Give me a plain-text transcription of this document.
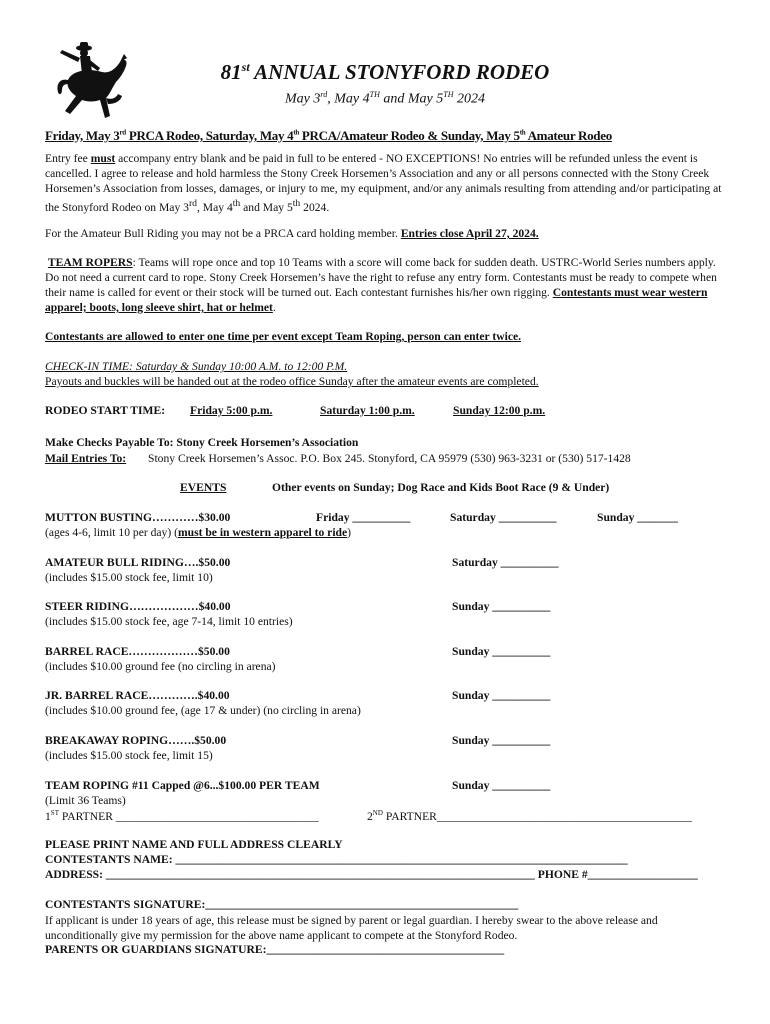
81st ANNUAL STONYFORD RODEO
May 3rd, May 4TH and May 5TH 2024
Friday, May 3rd PRCA Rodeo, Saturday, May 4th PRCA/Amateur Rodeo & Sunday, May 5th Amateur Rodeo
Entry fee must accompany entry blank and be paid in full to be entered - NO EXCEPTIONS! No entries will be refunded unless the event is cancelled. I agree to release and hold harmless the Stony Creek Horsemen’s Association and any or all persons connected with the Stony Creek Horsemen’s Association from losses, damages, or injury to me, my equipment, and/or any animals resulting from attending and/or participating at the Stonyford Rodeo on May 3rd, May 4th and May 5th 2024.
For the Amateur Bull Riding you may not be a PRCA card holding member. Entries close April 27, 2024.
TEAM ROPERS: Teams will rope once and top 10 Teams with a score will come back for sudden death. USTRC-World Series numbers apply. Do not need a current card to rope. Stony Creek Horsemen’s have the right to refuse any entry form. Contestants must be ready to compete when their name is called for event or their stock will be turned out. Each contestant furnishes his/her own rigging. Contestants must wear western apparel; boots, long sleeve shirt, hat or helmet.
Contestants are allowed to enter one time per event except Team Roping, person can enter twice.
CHECK-IN TIME: Saturday & Sunday 10:00 A.M. to 12:00 P.M.
Payouts and buckles will be handed out at the rodeo office Sunday after the amateur events are completed.
RODEO START TIME: Friday 5:00 p.m.	Saturday 1:00 p.m.	Sunday 12:00 p.m.
Make Checks Payable To: Stony Creek Horsemen’s Association
Mail Entries To: Stony Creek Horsemen’s Assoc. P.O. Box 245. Stonyford, CA 95979 (530) 963-3231 or (530) 517-1428
EVENTS	Other events on Sunday; Dog Race and Kids Boot Race (9 & Under)
MUTTON BUSTING…………$30.00	Friday __________	Saturday __________	Sunday _______
(ages 4-6, limit 10 per day) (must be in western apparel to ride)
AMATEUR BULL RIDING….$50.00	Saturday __________
(includes $15.00 stock fee, limit 10)
STEER RIDING………………$40.00	Sunday __________
(includes $15.00 stock fee, age 7-14, limit 10 entries)
BARREL RACE………………$50.00	Sunday __________
(includes $10.00 ground fee (no circling in arena)
JR. BARREL RACE………….$40.00	Sunday __________
(includes $10.00 ground fee, (age 17 & under) (no circling in arena)
BREAKAWAY ROPING…….$50.00	Sunday __________
(includes $15.00 stock fee, limit 15)
TEAM ROPING #11 Capped @6...$100.00 PER TEAM	Sunday __________
(Limit 36 Teams)
1ST PARTNER ___________________________________	2ND PARTNER____________________________________________
PLEASE PRINT NAME AND FULL ADDRESS CLEARLY
CONTESTANTS NAME: ______________________________________________________________________________
ADDRESS: __________________________________________________________________________ PHONE #___________________
CONTESTANTS SIGNATURE:______________________________________________________
If applicant is under 18 years of age, this release must be signed by parent or legal guardian. I hereby swear to the above release and unconditionally give my permission for the above name applicant to compete at the Stonyford Rodeo.
PARENTS OR GUARDIANS SIGNATURE:_________________________________________
